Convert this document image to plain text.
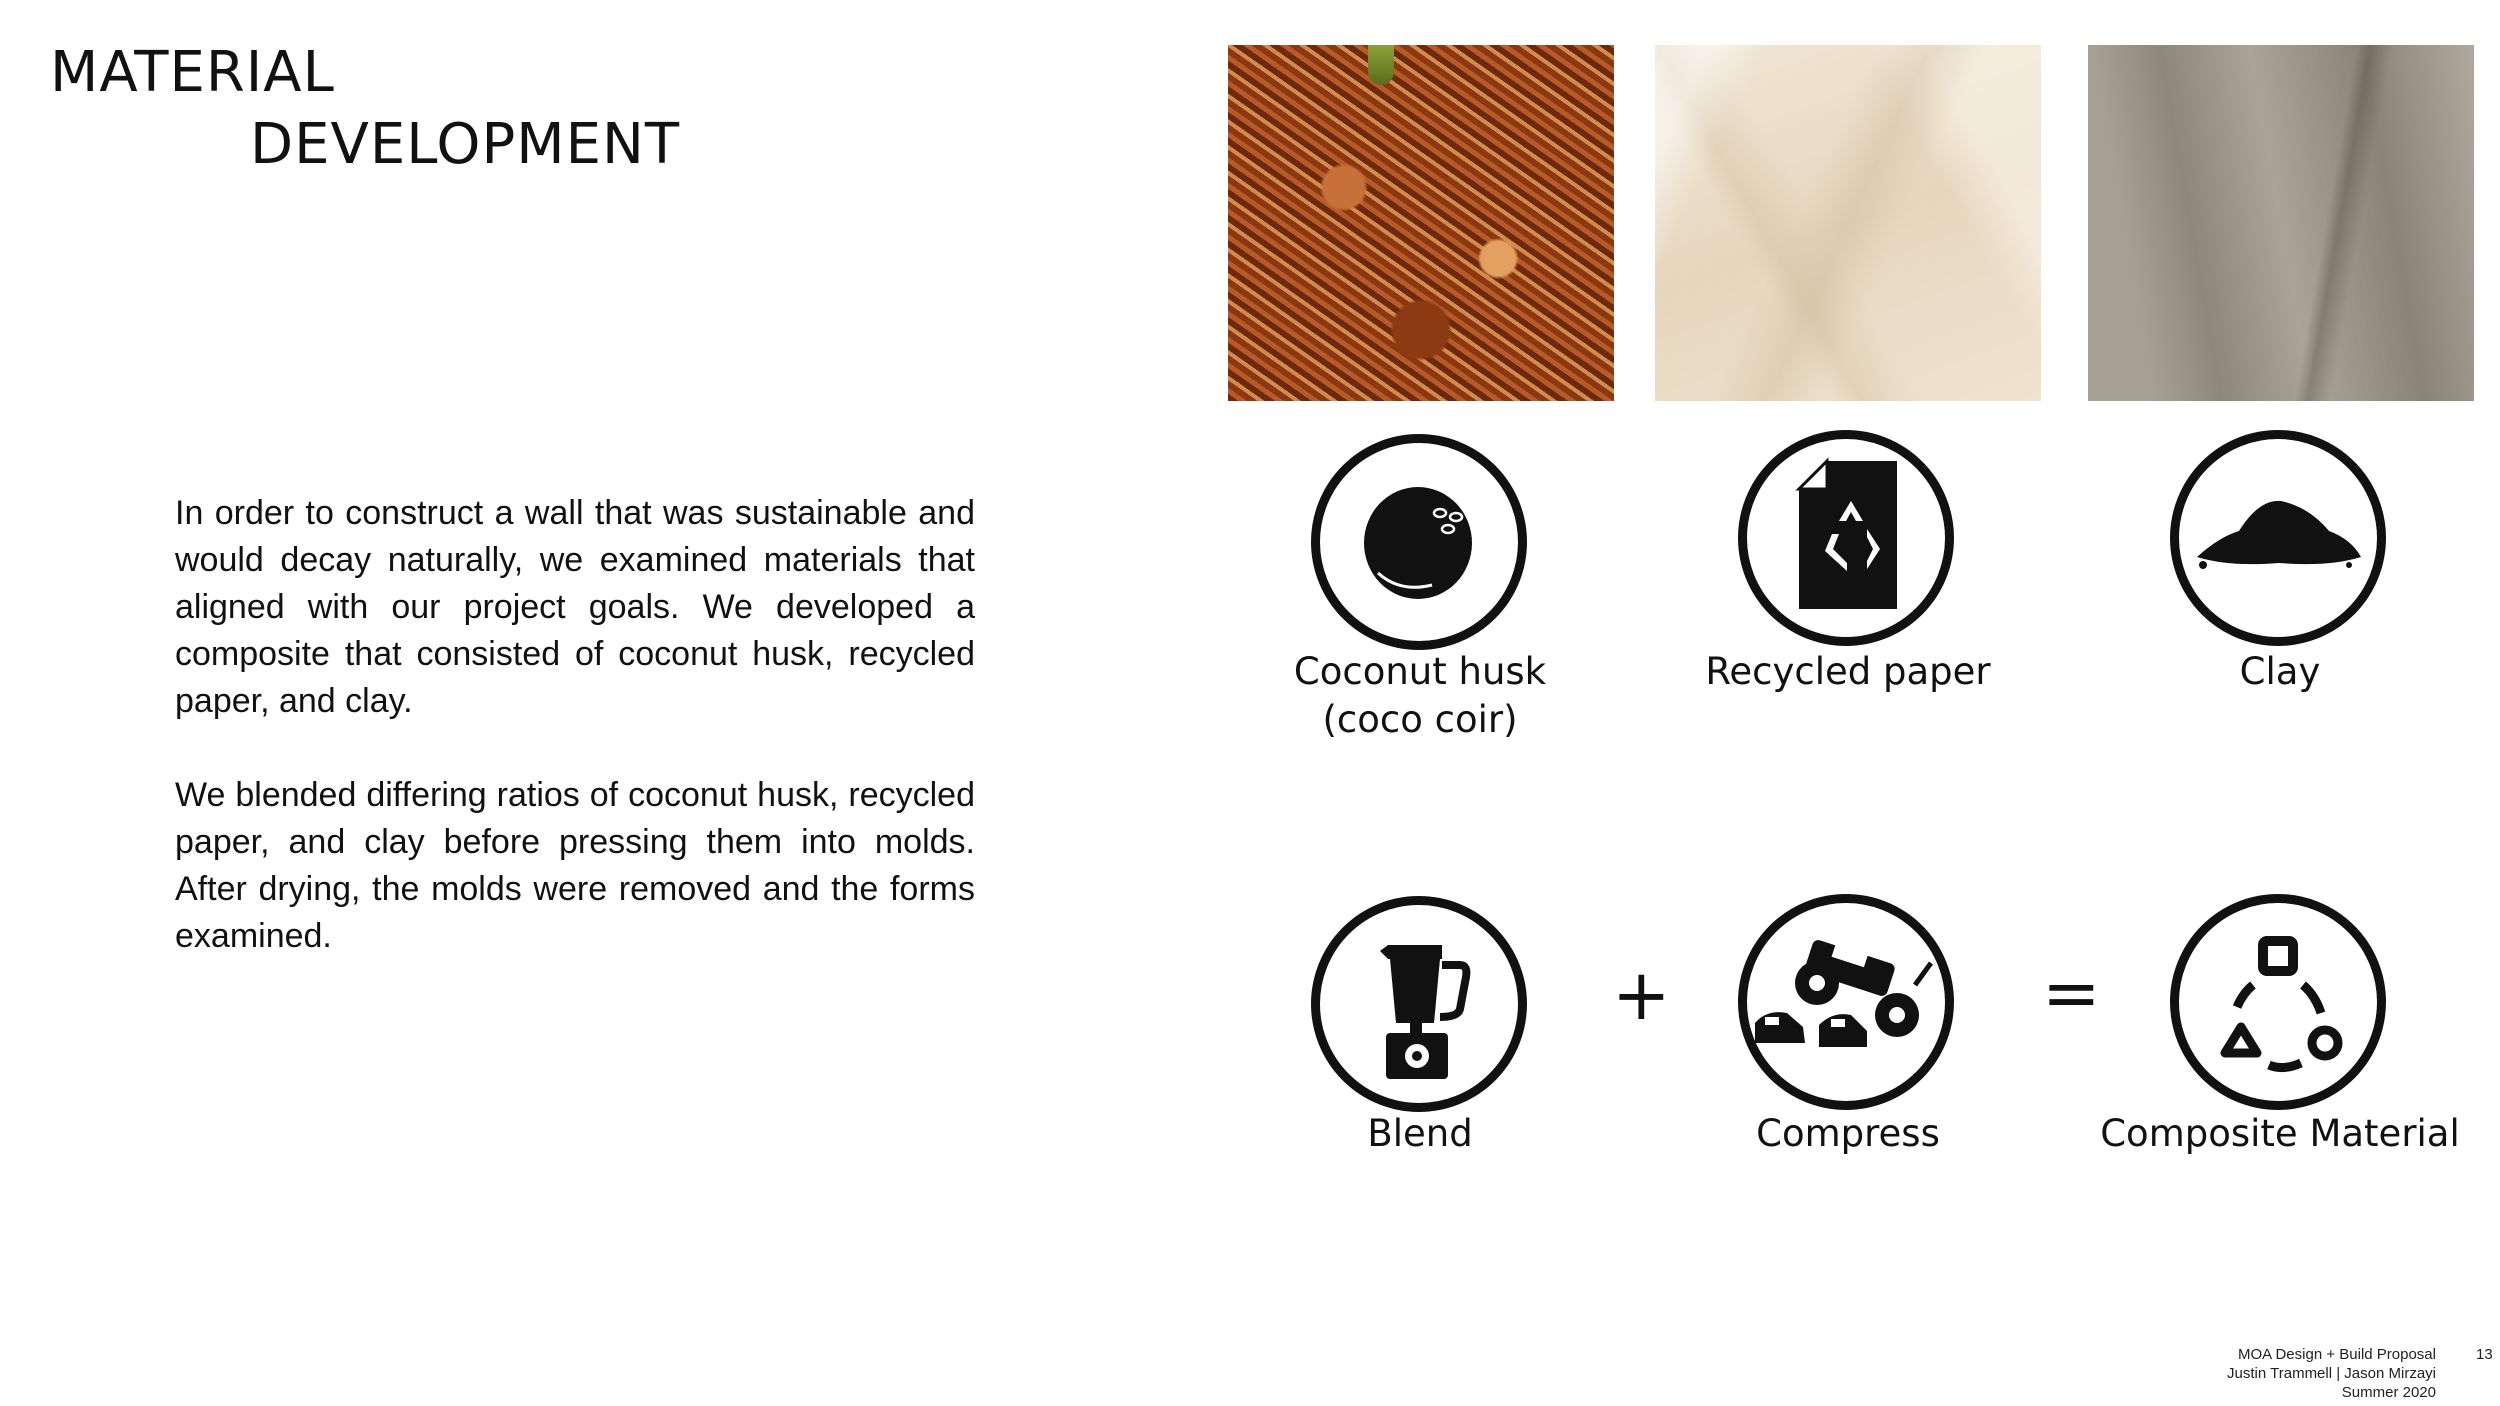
MATERIAL
DEVELOPMENT

In order to construct a wall that was sustainable and would decay naturally, we examined materials that aligned with our project goals. We developed a composite that consisted of coconut husk, recycled paper, and clay.

We blended differing ratios of coconut husk, recycled paper, and clay before pressing them into molds. After drying, the molds were removed and the forms examined.

Coconut husk
(coco coir)
Recycled paper	Clay
+	=
Blend	Compress	Composite Material
MOA Design + Build Proposal
Justin Trammell | Jason Mirzayi
Summer 2020
13
